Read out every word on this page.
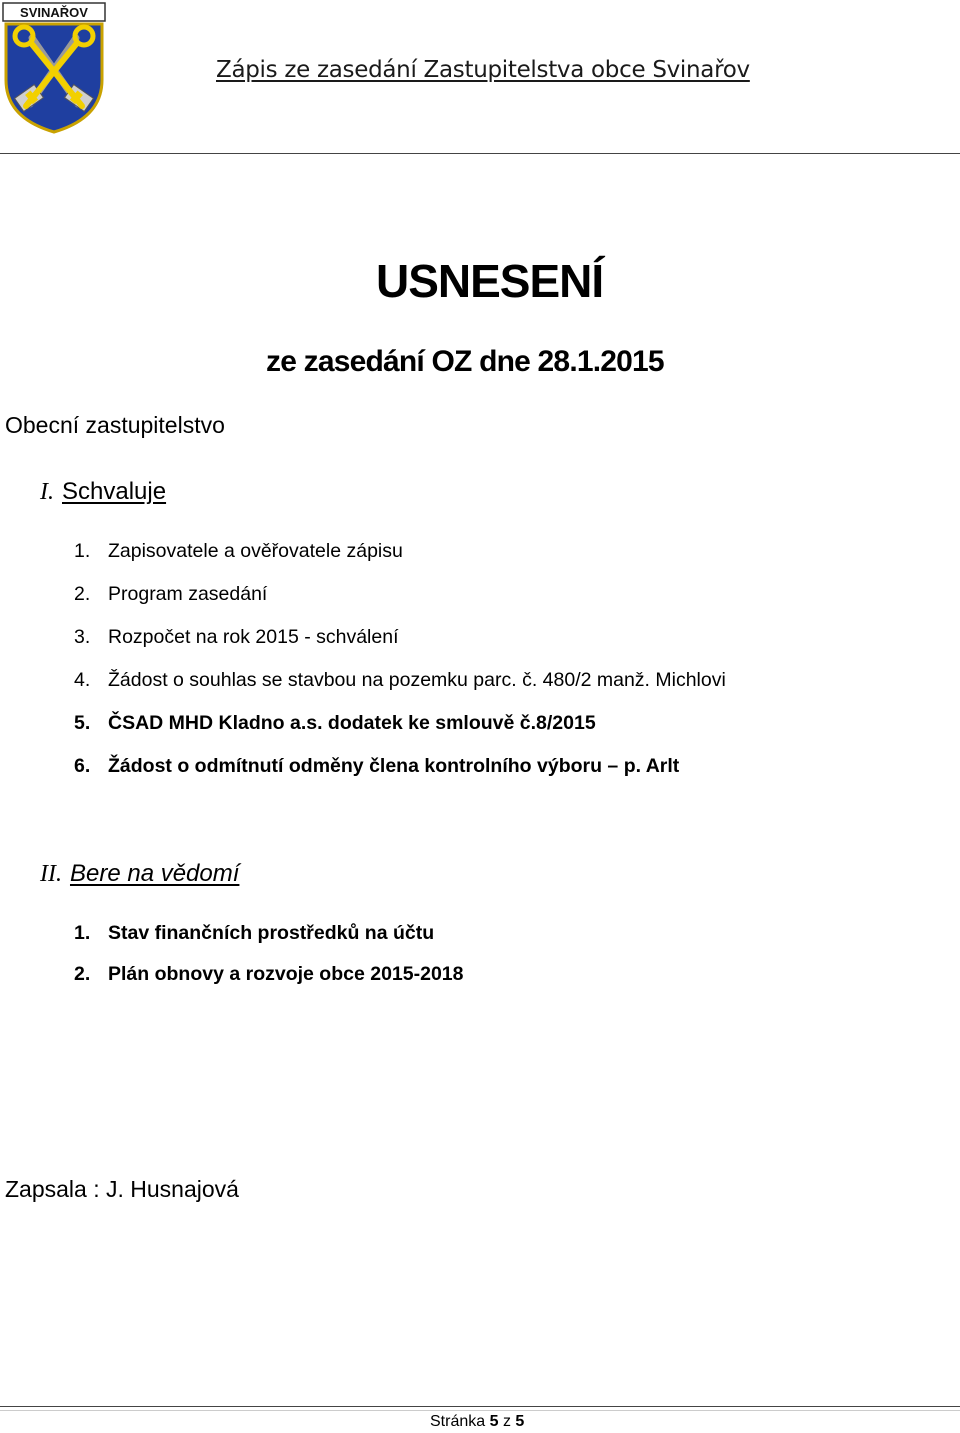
SVINAŘOV
Zápis ze zasedání Zastupitelstva obce Svinařov
USNESENÍ
ze zasedání OZ dne 28.1.2015
Obecní zastupitelstvo
I. Schvaluje
1. Zapisovatele a ověřovatele zápisu
2. Program zasedání
3. Rozpočet na rok 2015 - schválení
4. Žádost o souhlas se stavbou na pozemku parc. č. 480/2 manž. Michlovi
5. ČSAD MHD Kladno a.s. dodatek ke smlouvě č.8/2015
6. Žádost o odmítnutí odměny člena kontrolního výboru – p. Arlt
II. Bere na vědomí
1. Stav finančních prostředků na účtu
2. Plán obnovy a rozvoje obce 2015-2018
Zapsala : J. Husnajová
Stránka 5 z 5
